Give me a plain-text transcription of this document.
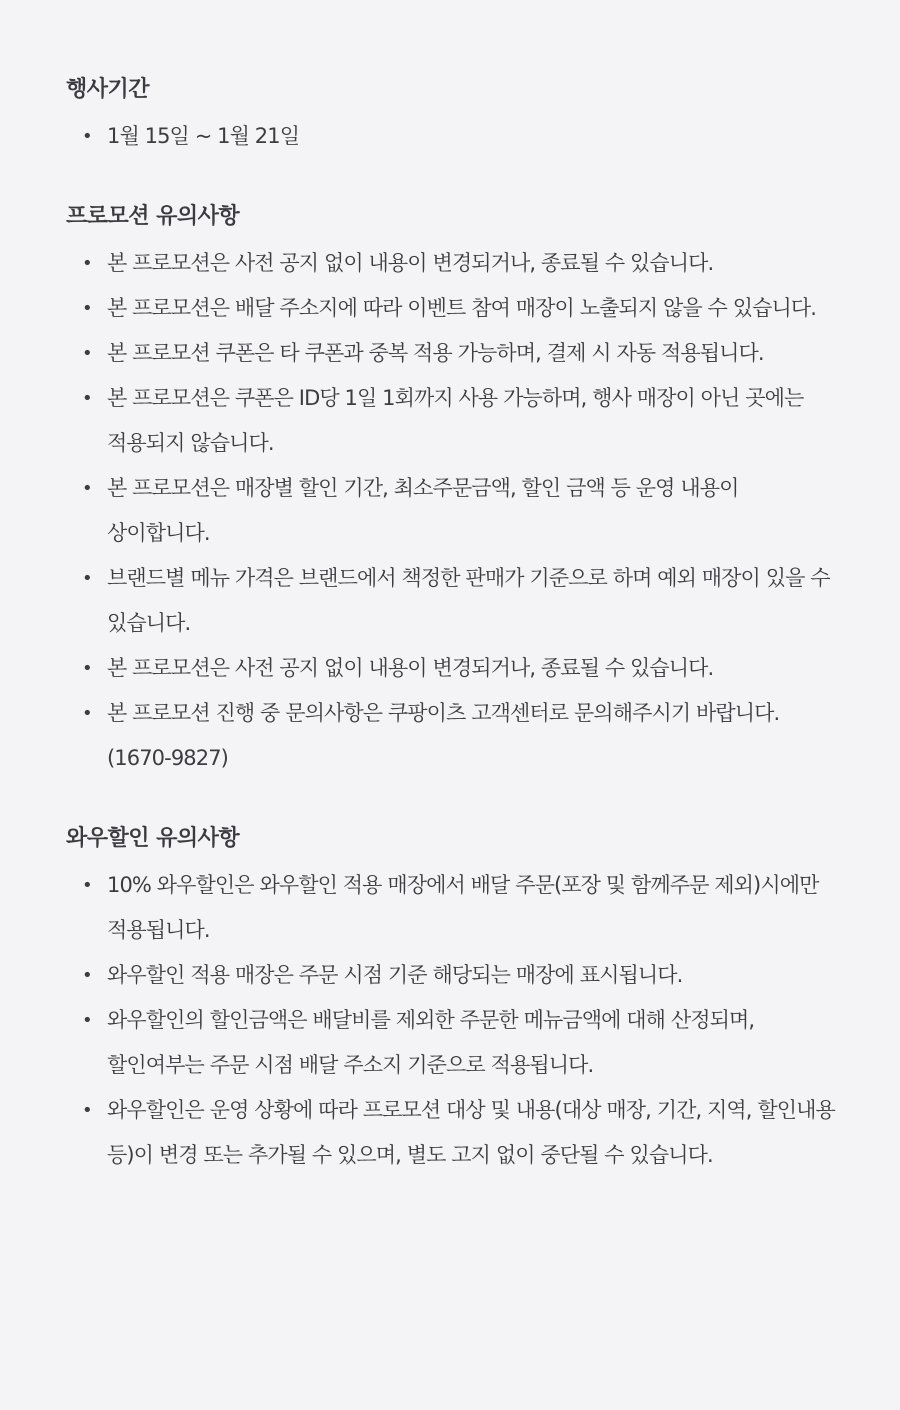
행사기간
• 1월 15일 ~ 1월 21일
프로모션 유의사항
• 본 프로모션은 사전 공지 없이 내용이 변경되거나, 종료될 수 있습니다.
• 본 프로모션은 배달 주소지에 따라 이벤트 참여 매장이 노출되지 않을 수 있습니다.
• 본 프로모션 쿠폰은 타 쿠폰과 중복 적용 가능하며, 결제 시 자동 적용됩니다.
• 본 프로모션은 쿠폰은 ID당 1일 1회까지 사용 가능하며, 행사 매장이 아닌 곳에는 적용되지 않습니다.
• 본 프로모션은 매장별 할인 기간, 최소주문금액, 할인 금액 등 운영 내용이 상이합니다.
• 브랜드별 메뉴 가격은 브랜드에서 책정한 판매가 기준으로 하며 예외 매장이 있을 수 있습니다.
• 본 프로모션은 사전 공지 없이 내용이 변경되거나, 종료될 수 있습니다.
• 본 프로모션 진행 중 문의사항은 쿠팡이츠 고객센터로 문의해주시기 바랍니다. (1670-9827)
와우할인 유의사항
• 10% 와우할인은 와우할인 적용 매장에서 배달 주문(포장 및 함께주문 제외)시에만 적용됩니다.
• 와우할인 적용 매장은 주문 시점 기준 해당되는 매장에 표시됩니다.
• 와우할인의 할인금액은 배달비를 제외한 주문한 메뉴금액에 대해 산정되며, 할인여부는 주문 시점 배달 주소지 기준으로 적용됩니다.
• 와우할인은 운영 상황에 따라 프로모션 대상 및 내용(대상 매장, 기간, 지역, 할인내용 등)이 변경 또는 추가될 수 있으며, 별도 고지 없이 중단될 수 있습니다.
